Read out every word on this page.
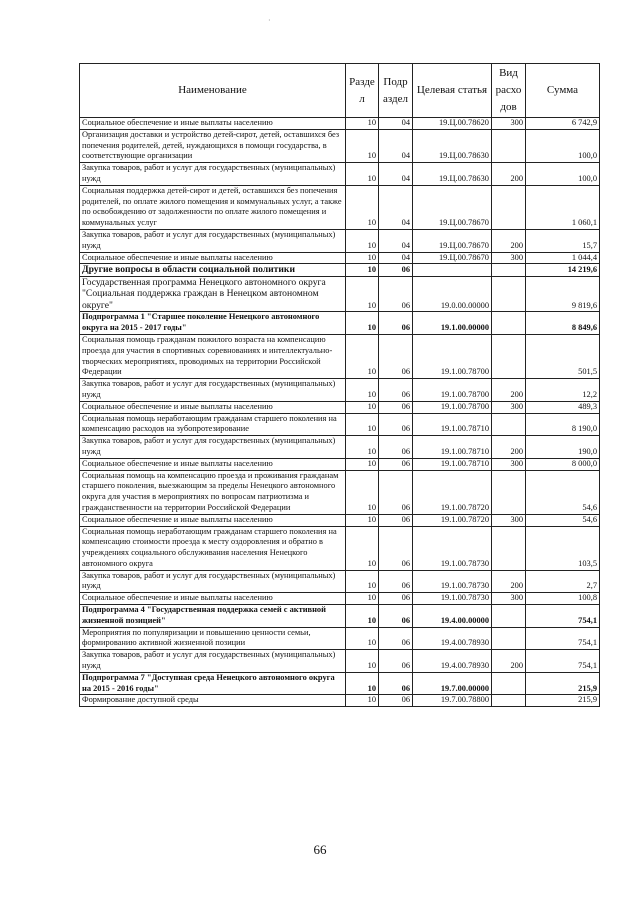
·
Наименование	Разде л	Подр аздел	Целевая статья	Вид расхо дов	Сумма
Социальное обеспечение и иные выплаты населению	10	04	19.Ц.00.78620	300	6 742,9
Организация доставки и устройство детей-сирот, детей, оставшихся без попечения родителей, детей, нуждающихся в помощи государства, в соответствующие организации	10	04	19.Ц.00.78630		100,0
Закупка товаров, работ и услуг для государственных (муниципальных) нужд	10	04	19.Ц.00.78630	200	100,0
Социальная поддержка детей-сирот и детей, оставшихся без попечения родителей, по оплате жилого помещения и коммунальных услуг, а также по освобождению от задолженности по оплате жилого помещения и коммунальных услуг	10	04	19.Ц.00.78670		1 060,1
Закупка товаров, работ и услуг для государственных (муниципальных) нужд	10	04	19.Ц.00.78670	200	15,7
Социальное обеспечение и иные выплаты населению	10	04	19.Ц.00.78670	300	1 044,4
Другие вопросы в области социальной политики	10	06			14 219,6
Государственная программа Ненецкого автономного округа "Социальная поддержка граждан в Ненецком автономном округе"	10	06	19.0.00.00000		9 819,6
Подпрограмма 1 "Старшее поколение Ненецкого автономного округа на 2015 - 2017 годы"	10	06	19.1.00.00000		8 849,6
Социальная помощь гражданам пожилого возраста на компенсацию проезда для участия в спортивных соревнованиях и интеллектуально-творческих мероприятиях, проводимых на территории Российской Федерации	10	06	19.1.00.78700		501,5
Закупка товаров, работ и услуг для государственных (муниципальных) нужд	10	06	19.1.00.78700	200	12,2
Социальное обеспечение и иные выплаты населению	10	06	19.1.00.78700	300	489,3
Социальная помощь неработающим гражданам старшего поколения на компенсацию расходов на зубопротезирование	10	06	19.1.00.78710		8 190,0
Закупка товаров, работ и услуг для государственных (муниципальных) нужд	10	06	19.1.00.78710	200	190,0
Социальное обеспечение и иные выплаты населению	10	06	19.1.00.78710	300	8 000,0
Социальная помощь на компенсацию проезда и проживания гражданам старшего поколения, выезжающим за пределы Ненецкого автономного округа для участия в мероприятиях по вопросам патриотизма и гражданственности на территории Российской Федерации	10	06	19.1.00.78720		54,6
Социальное обеспечение и иные выплаты населению	10	06	19.1.00.78720	300	54,6
Социальная помощь неработающим гражданам старшего поколения на компенсацию стоимости проезда к месту оздоровления и обратно в учреждениях социального обслуживания населения Ненецкого автономного округа	10	06	19.1.00.78730		103,5
Закупка товаров, работ и услуг для государственных (муниципальных) нужд	10	06	19.1.00.78730	200	2,7
Социальное обеспечение и иные выплаты населению	10	06	19.1.00.78730	300	100,8
Подпрограмма 4 "Государственная поддержка семей с активной жизненной позицией"	10	06	19.4.00.00000		754,1
Мероприятия по популяризации и повышению ценности семьи, формированию активной жизненной позиции	10	06	19.4.00.78930		754,1
Закупка товаров, работ и услуг для государственных (муниципальных) нужд	10	06	19.4.00.78930	200	754,1
Подпрограмма 7 "Доступная среда Ненецкого автономного округа на 2015 - 2016 годы"	10	06	19.7.00.00000		215,9
Формирование доступной среды	10	06	19.7.00.78800		215,9
66
